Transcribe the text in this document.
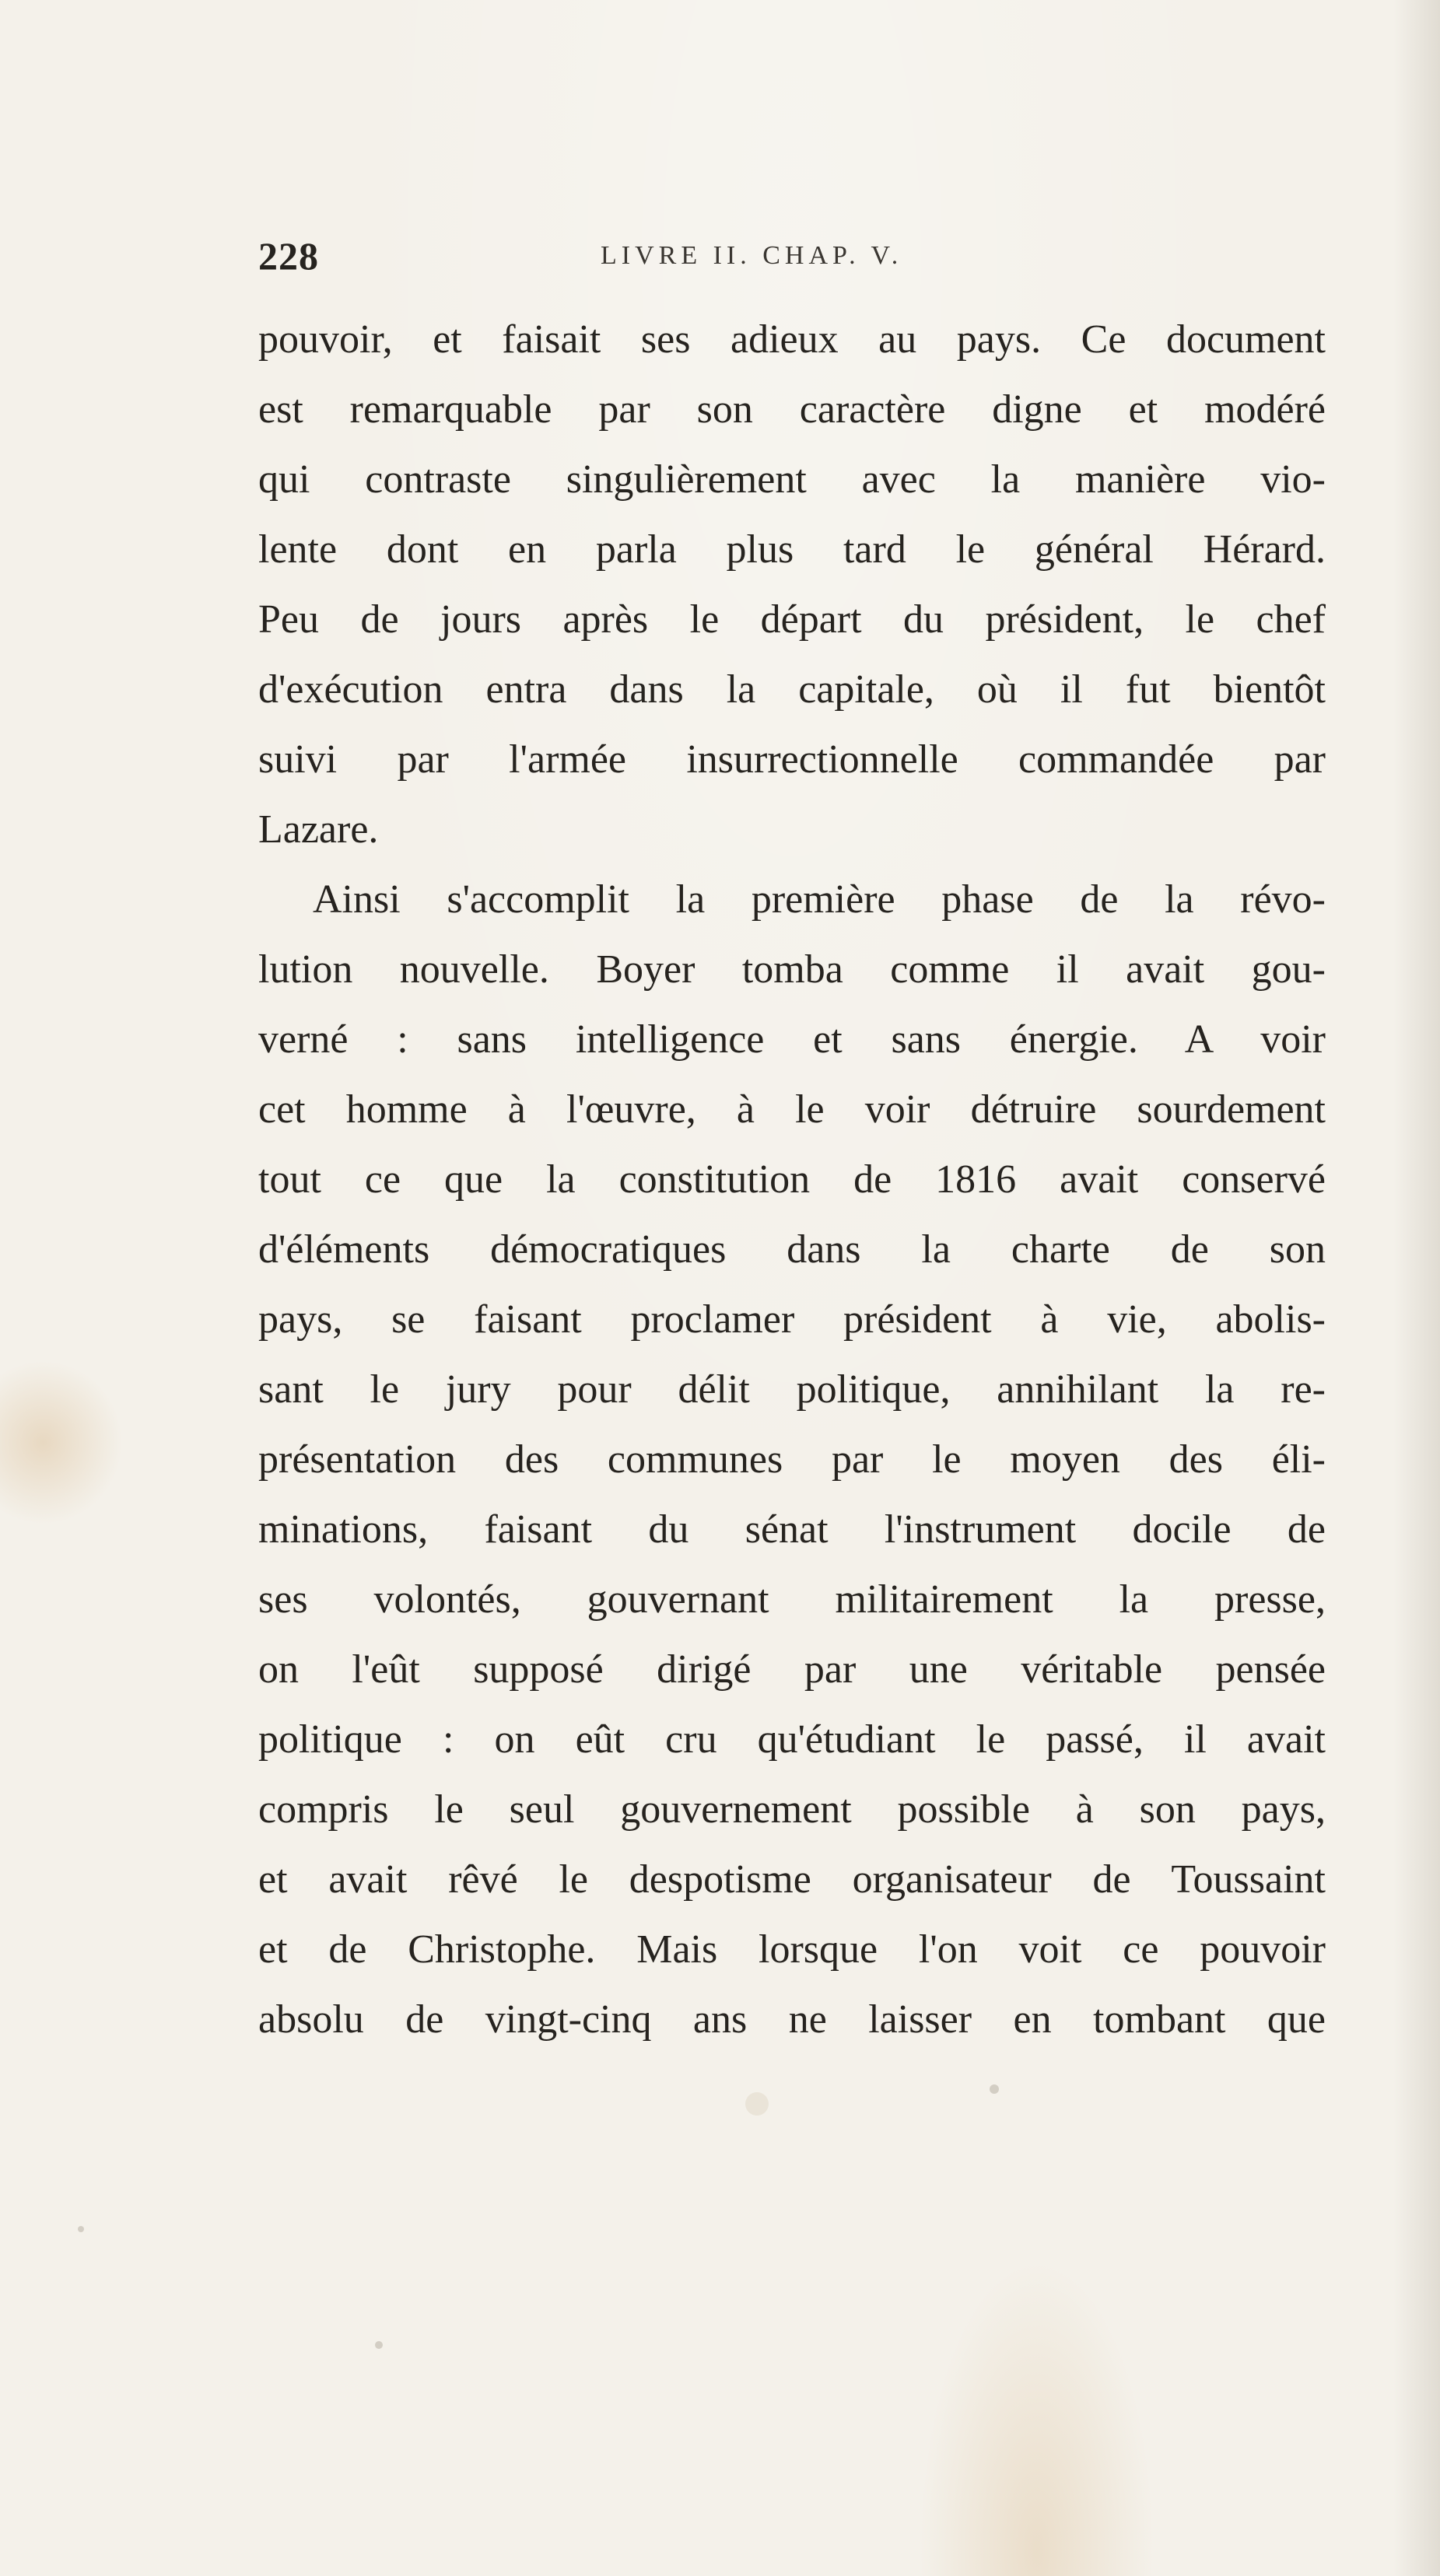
228	LIVRE II. CHAP. V.
pouvoir, et faisait ses adieux au pays. Ce document
est remarquable par son caractère digne et modéré
qui contraste singulièrement avec la manière vio-
lente dont en parla plus tard le général Hérard.
Peu de jours après le départ du président, le chef
d'exécution entra dans la capitale, où il fut bientôt
suivi par l'armée insurrectionnelle commandée par
Lazare.
Ainsi s'accomplit la première phase de la révo-
lution nouvelle. Boyer tomba comme il avait gou-
verné : sans intelligence et sans énergie. A voir
cet homme à l'œuvre, à le voir détruire sourdement
tout ce que la constitution de 1816 avait conservé
d'éléments démocratiques dans la charte de son
pays, se faisant proclamer président à vie, abolis-
sant le jury pour délit politique, annihilant la re-
présentation des communes par le moyen des éli-
minations, faisant du sénat l'instrument docile de
ses volontés, gouvernant militairement la presse,
on l'eût supposé dirigé par une véritable pensée
politique : on eût cru qu'étudiant le passé, il avait
compris le seul gouvernement possible à son pays,
et avait rêvé le despotisme organisateur de Toussaint
et de Christophe. Mais lorsque l'on voit ce pouvoir
absolu de vingt-cinq ans ne laisser en tombant que
